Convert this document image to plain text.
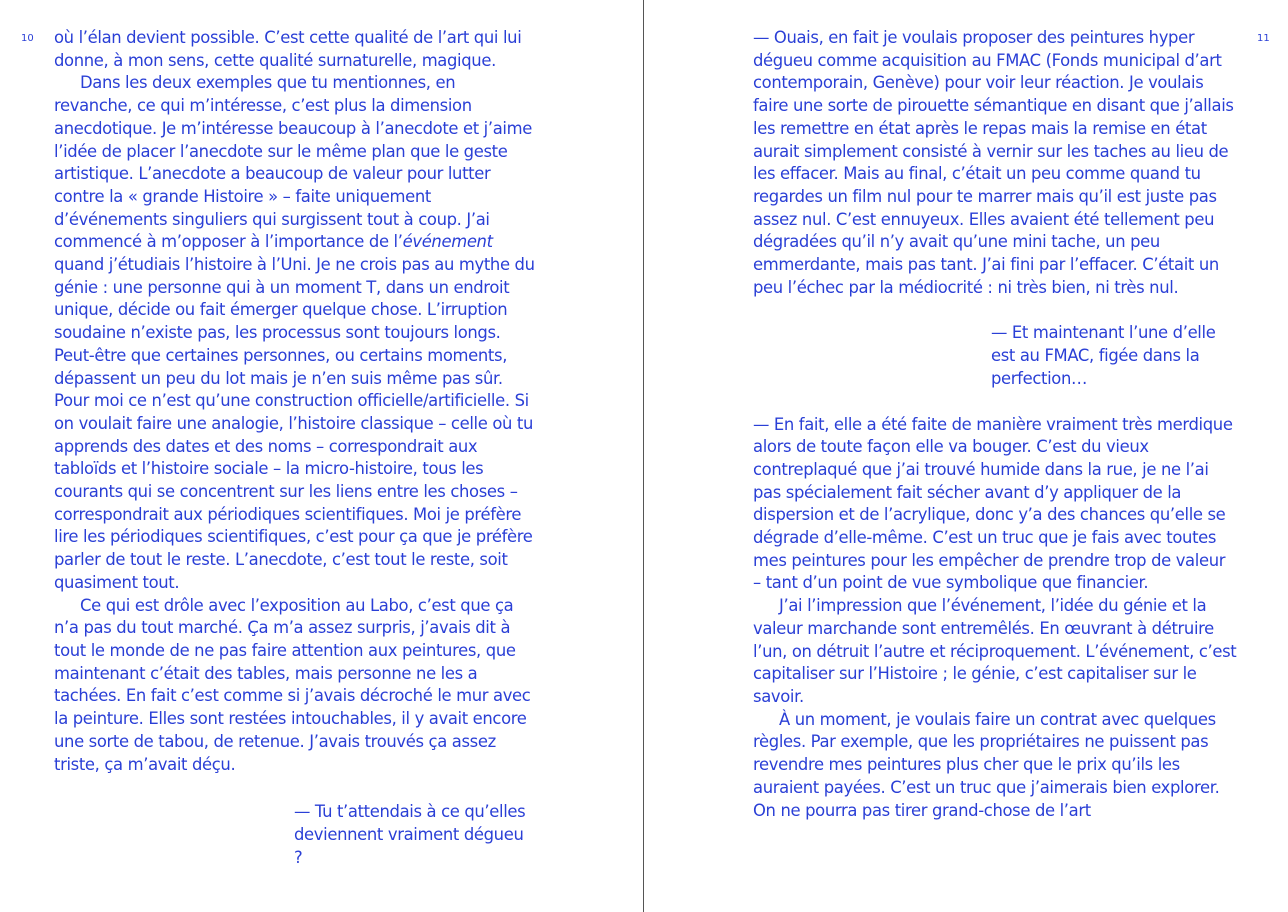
10 où l’élan devient possible. C’est cette qualité de l’art qui lui donne, à mon sens, cette qualité surnaturelle, magique.

Dans les deux exemples que tu mentionnes, en revanche, ce qui m’intéresse, c’est plus la dimension anecdotique. Je m’intéresse beaucoup à l’anecdote et j’aime l’idée de placer l’anecdote sur le même plan que le geste artistique. L’anecdote a beaucoup de valeur pour lutter contre la « grande Histoire » – faite uniquement d’événements singuliers qui surgissent tout à coup. J’ai commencé à m’opposer à l’importance de l’événement quand j’étudiais l’histoire à l’Uni. Je ne crois pas au mythe du génie : une personne qui à un moment T, dans un endroit unique, décide ou fait émerger quelque chose. L’irruption soudaine n’existe pas, les processus sont toujours longs. Peut-être que certaines personnes, ou certains moments, dépassent un peu du lot mais je n’en suis même pas sûr. Pour moi ce n’est qu’une construction officielle/artificielle. Si on voulait faire une analogie, l’histoire classique – celle où tu apprends des dates et des noms – correspondrait aux tabloïds et l’histoire sociale – la micro-histoire, tous les courants qui se concentrent sur les liens entre les choses – correspondrait aux périodiques scientifiques. Moi je préfère lire les périodiques scientifiques, c’est pour ça que je préfère parler de tout le reste. L’anecdote, c’est tout le reste, soit quasiment tout.

Ce qui est drôle avec l’exposition au Labo, c’est que ça n’a pas du tout marché. Ça m’a assez surpris, j’avais dit à tout le monde de ne pas faire attention aux peintures, que maintenant c’était des tables, mais personne ne les a tachées. En fait c’est comme si j’avais décroché le mur avec la peinture. Elles sont restées intouchables, il y avait encore une sorte de tabou, de retenue. J’avais trouvés ça assez triste, ça m’avait déçu.

— Tu t’attendais à ce qu’elles deviennent vraiment dégueu ?

11

— Ouais, en fait je voulais proposer des peintures hyper dégueu comme acquisition au FMAC (Fonds municipal d’art contemporain, Genève) pour voir leur réaction. Je voulais faire une sorte de pirouette sémantique en disant que j’allais les remettre en état après le repas mais la remise en état aurait simplement consisté à vernir sur les taches au lieu de les effacer. Mais au final, c’était un peu comme quand tu regardes un film nul pour te marrer mais qu’il est juste pas assez nul. C’est ennuyeux. Elles avaient été tellement peu dégradées qu’il n’y avait qu’une mini tache, un peu emmerdante, mais pas tant. J’ai fini par l’effacer. C’était un peu l’échec par la médiocrité : ni très bien, ni très nul.

— Et maintenant l’une d’elle est au FMAC, figée dans la perfection…

— En fait, elle a été faite de manière vraiment très merdique alors de toute façon elle va bouger. C’est du vieux contreplaqué que j’ai trouvé humide dans la rue, je ne l’ai pas spécialement fait sécher avant d’y appliquer de la dispersion et de l’acrylique, donc y’a des chances qu’elle se dégrade d’elle-même. C’est un truc que je fais avec toutes mes peintures pour les empêcher de prendre trop de valeur – tant d’un point de vue symbolique que financier.

J’ai l’impression que l’événement, l’idée du génie et la valeur marchande sont entremêlés. En œuvrant à détruire l’un, on détruit l’autre et réciproquement. L’événement, c’est capitaliser sur l’Histoire ; le génie, c’est capitaliser sur le savoir.

À un moment, je voulais faire un contrat avec quelques règles. Par exemple, que les propriétaires ne puissent pas revendre mes peintures plus cher que le prix qu’ils les auraient payées. C’est un truc que j’aimerais bien explorer. On ne pourra pas tirer grand-chose de l’art
